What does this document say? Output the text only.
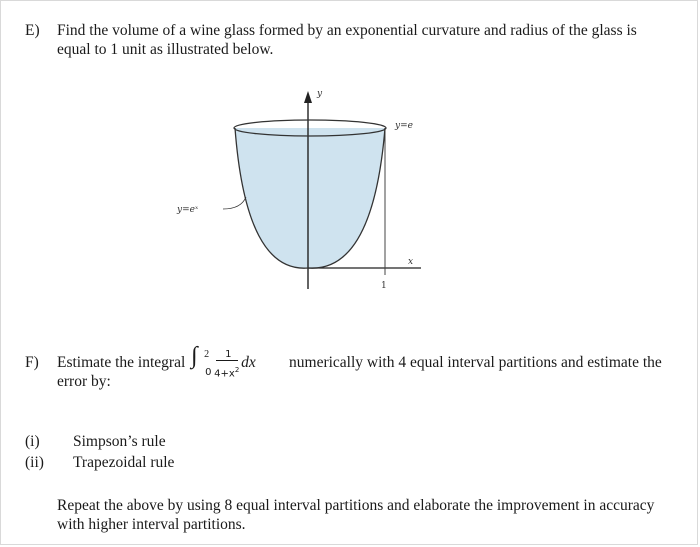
E) Find the volume of a wine glass formed by an exponential curvature and radius of the glass is equal to 1 unit as illustrated below.
y
y=e
y=eˣ
x
1
F) Estimate the integral ∫ 2
0
1
$4+x^2$ dx numerically with 4 equal interval partitions and estimate the error by:
(i) Simpson’s rule
(ii) Trapezoidal rule
Repeat the above by using 8 equal interval partitions and elaborate the improvement in accuracy with higher interval partitions.
